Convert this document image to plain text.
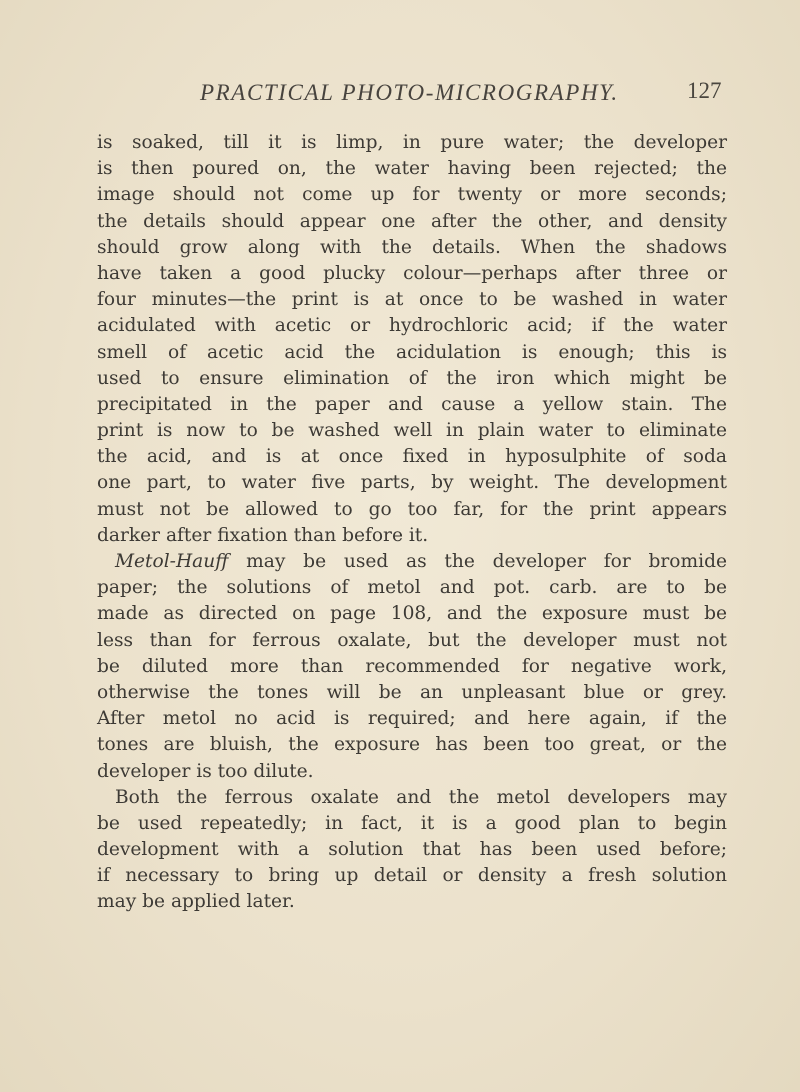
PRACTICAL PHOTO-MICROGRAPHY.	127
is soaked, till it is limp, in pure water; the developer
is then poured on, the water having been rejected; the
image should not come up for twenty or more seconds;
the details should appear one after the other, and density
should grow along with the details. When the shadows
have taken a good plucky colour—perhaps after three or
four minutes—the print is at once to be washed in water
acidulated with acetic or hydrochloric acid; if the water
smell of acetic acid the acidulation is enough; this is
used to ensure elimination of the iron which might be
precipitated in the paper and cause a yellow stain. The
print is now to be washed well in plain water to eliminate
the acid, and is at once fixed in hyposulphite of soda
one part, to water five parts, by weight. The development
must not be allowed to go too far, for the print appears
darker after fixation than before it.
Metol-Hauff may be used as the developer for bromide
paper; the solutions of metol and pot. carb. are to be
made as directed on page 108, and the exposure must be
less than for ferrous oxalate, but the developer must not
be diluted more than recommended for negative work,
otherwise the tones will be an unpleasant blue or grey.
After metol no acid is required; and here again, if the
tones are bluish, the exposure has been too great, or the
developer is too dilute.
Both the ferrous oxalate and the metol developers may
be used repeatedly; in fact, it is a good plan to begin
development with a solution that has been used before;
if necessary to bring up detail or density a fresh solution
may be applied later.
